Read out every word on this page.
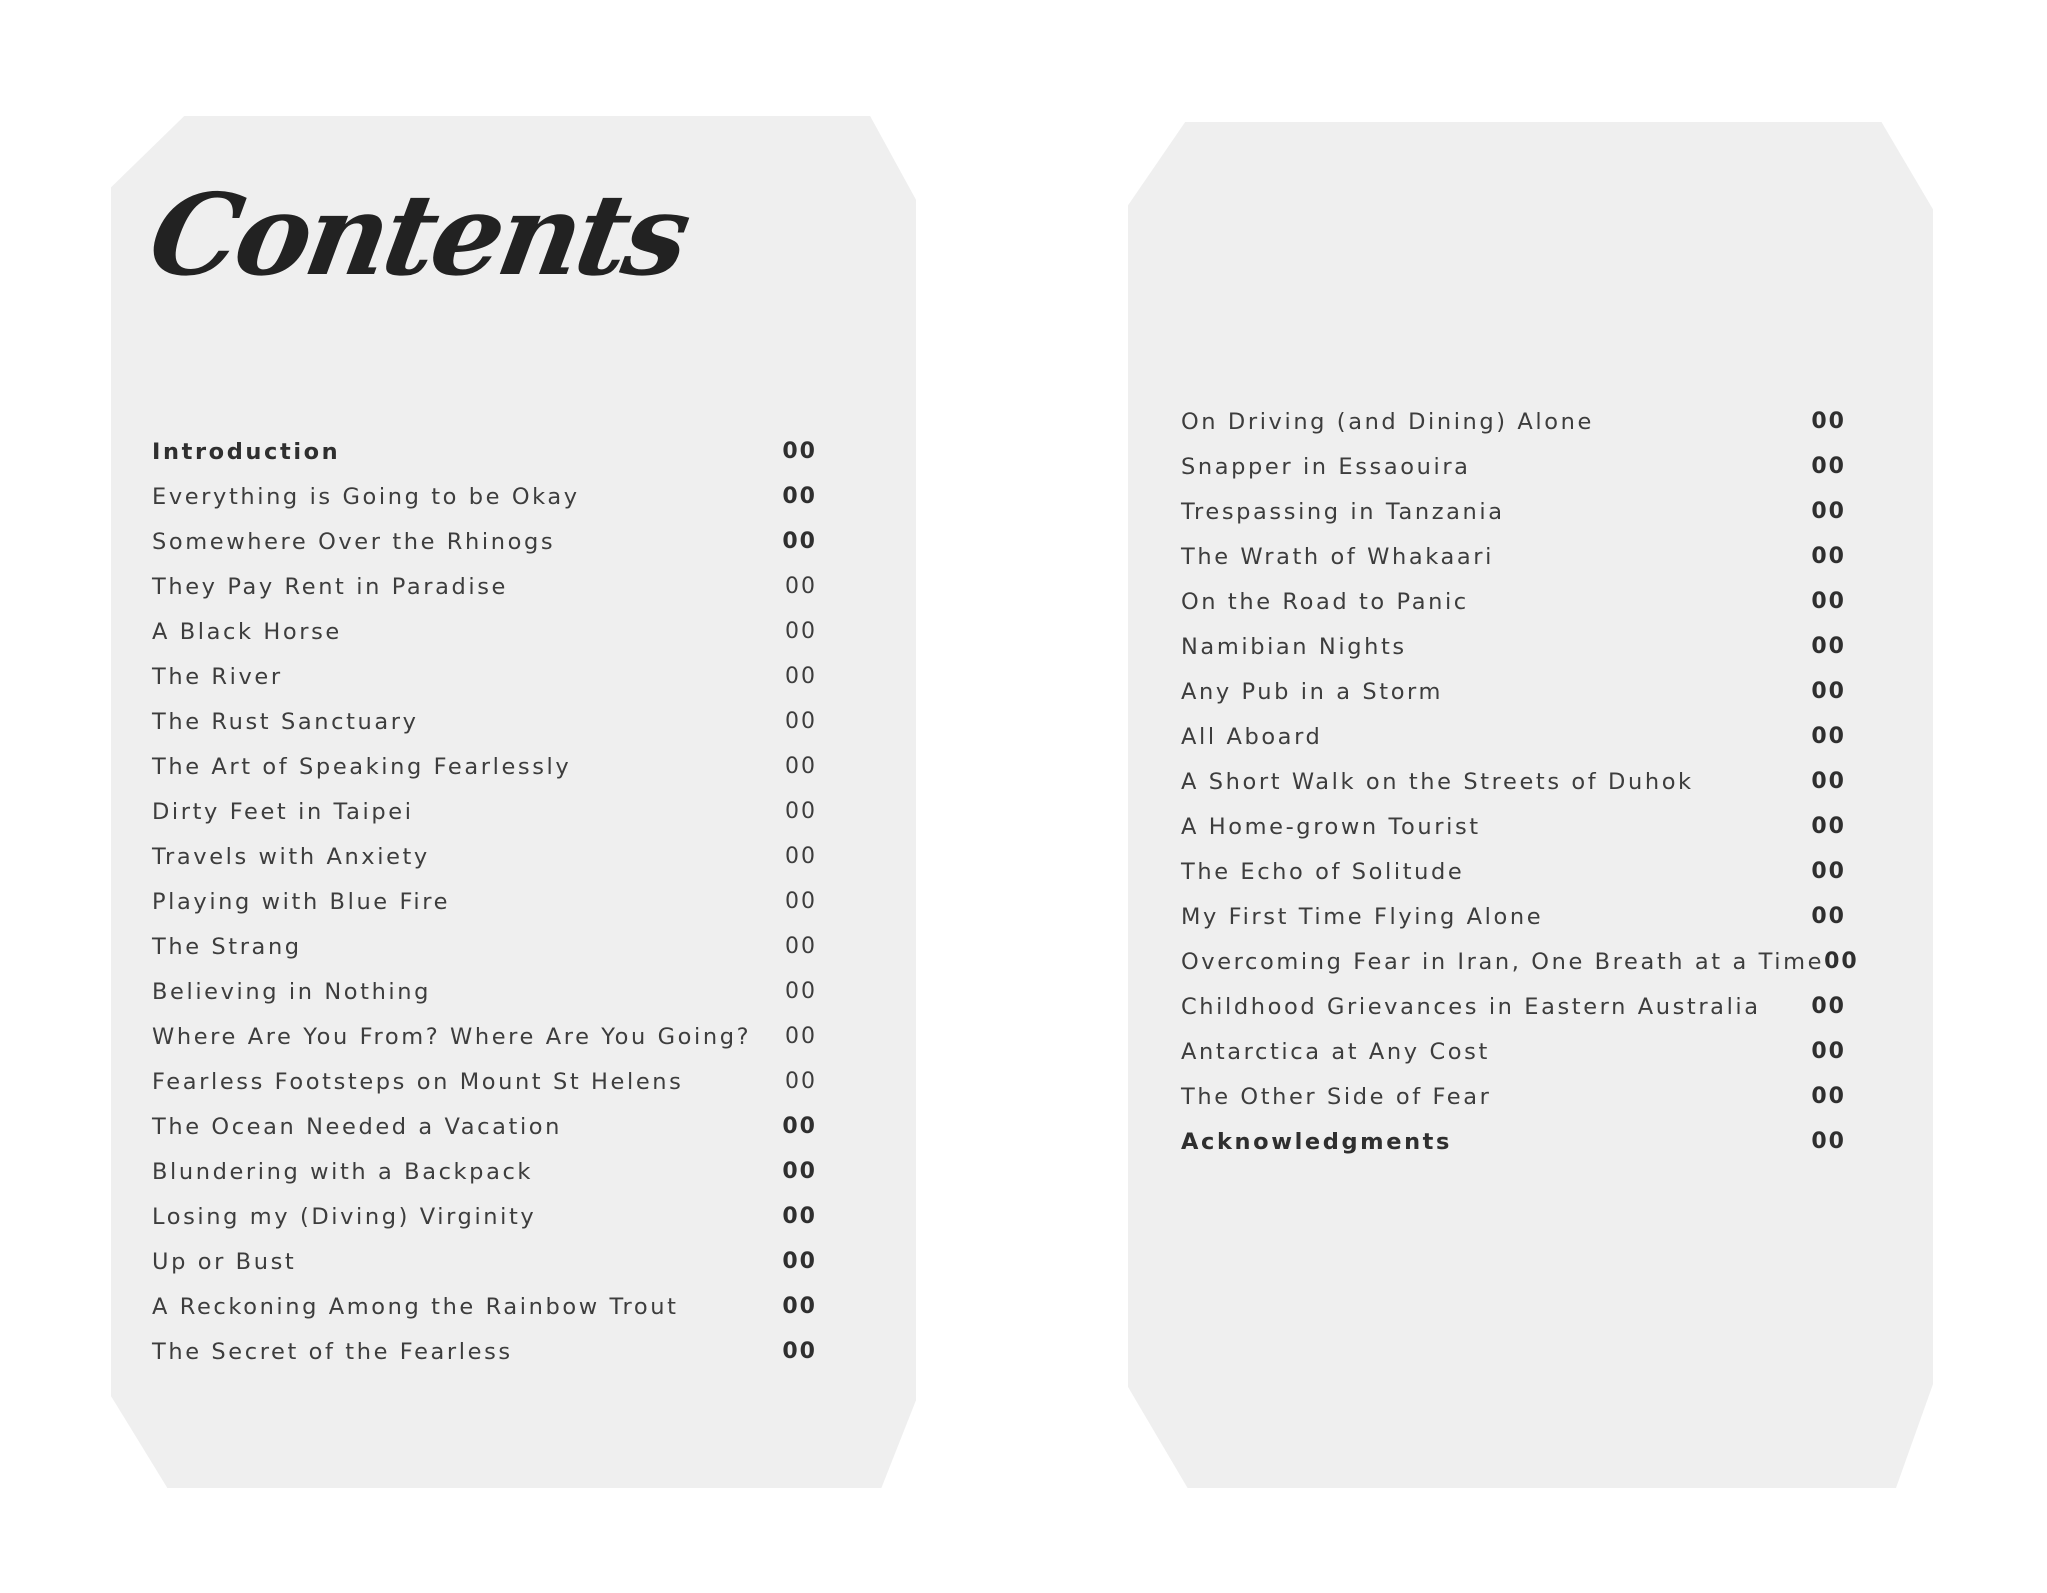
Contents
Introduction	00
Everything is Going to be Okay	00
Somewhere Over the Rhinogs	00
They Pay Rent in Paradise	00
A Black Horse	00
The River	00
The Rust Sanctuary	00
The Art of Speaking Fearlessly	00
Dirty Feet in Taipei	00
Travels with Anxiety	00
Playing with Blue Fire	00
The Strang	00
Believing in Nothing	00
Where Are You From? Where Are You Going? 00
Fearless Footsteps on Mount St Helens	00
The Ocean Needed a Vacation	00
Blundering with a Backpack	00
Losing my (Diving) Virginity	00
Up or Bust	00
A Reckoning Among the Rainbow Trout	00
The Secret of the Fearless	00
On Driving (and Dining) Alone	00
Snapper in Essaouira	00
Trespassing in Tanzania	00
The Wrath of Whakaari	00
On the Road to Panic	00
Namibian Nights	00
Any Pub in a Storm	00
All Aboard	00
A Short Walk on the Streets of Duhok	00
A Home-grown Tourist	00
The Echo of Solitude	00
My First Time Flying Alone	00
Overcoming Fear in Iran, One Breath at a Time 00
Childhood Grievances in Eastern Australia 00
Antarctica at Any Cost	00
The Other Side of Fear	00
Acknowledgments	00
